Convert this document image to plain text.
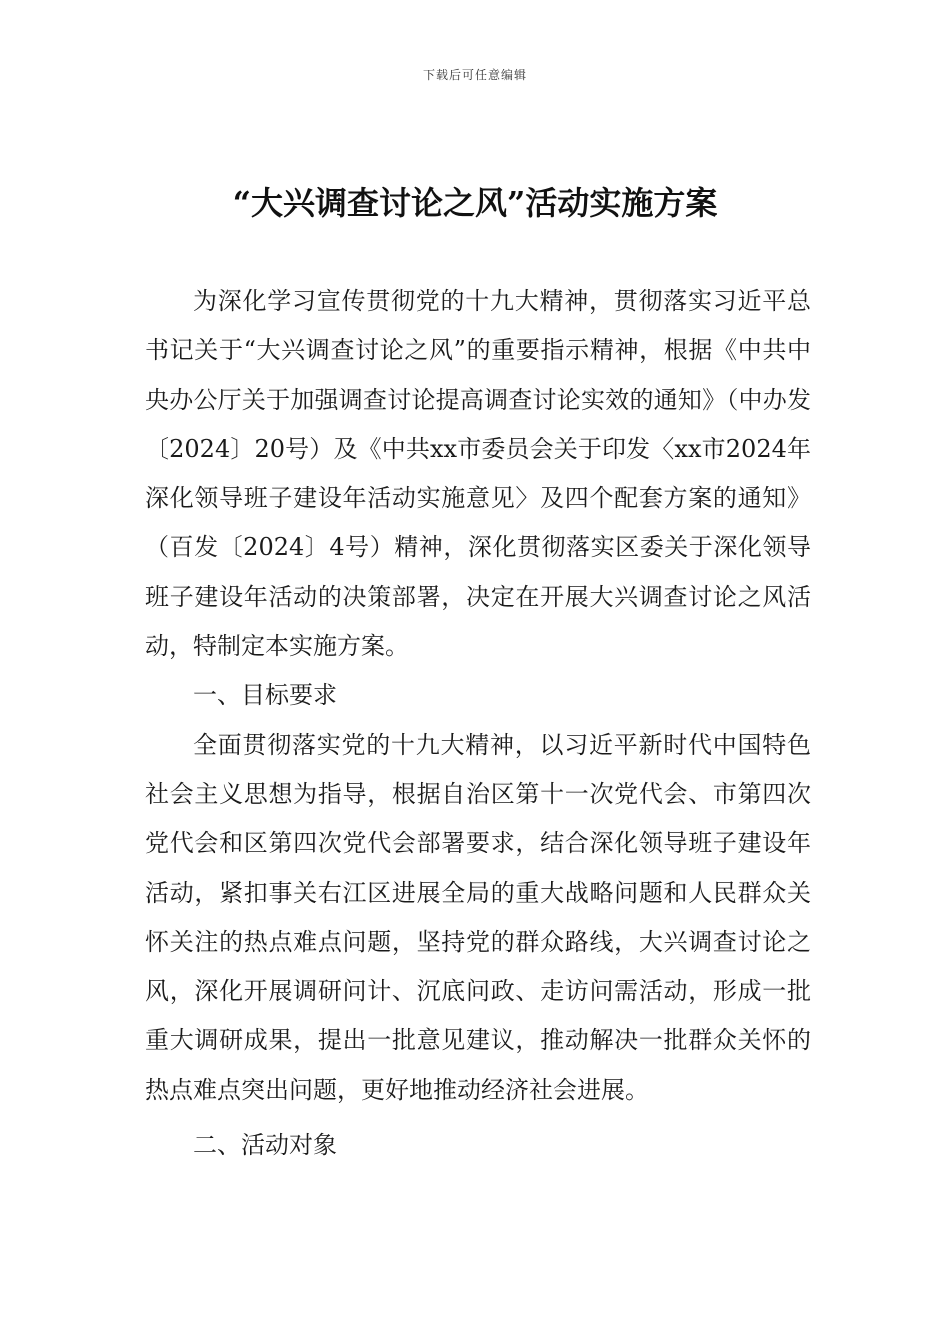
下载后可任意编辑
“大兴调查讨论之风”活动实施方案

为深化学习宣传贯彻党的十九大精神，贯彻落实习近平总书记关于“大兴调查讨论之风”的重要指示精神，根据《中共中央办公厅关于加强调查讨论提高调查讨论实效的通知》（中办发〔2024〕20号）及《中共xx市委员会关于印发〈xx市2024年深化领导班子建设年活动实施意见〉及四个配套方案的通知》（百发〔2024〕4号）精神，深化贯彻落实区委关于深化领导班子建设年活动的决策部署，决定在开展大兴调查讨论之风活动，特制定本实施方案。

一、目标要求

全面贯彻落实党的十九大精神，以习近平新时代中国特色社会主义思想为指导，根据自治区第十一次党代会、市第四次党代会和区第四次党代会部署要求，结合深化领导班子建设年活动，紧扣事关右江区进展全局的重大战略问题和人民群众关怀关注的热点难点问题，坚持党的群众路线，大兴调查讨论之风，深化开展调研问计、沉底问政、走访问需活动，形成一批重大调研成果，提出一批意见建议，推动解决一批群众关怀的热点难点突出问题，更好地推动经济社会进展。

二、活动对象
